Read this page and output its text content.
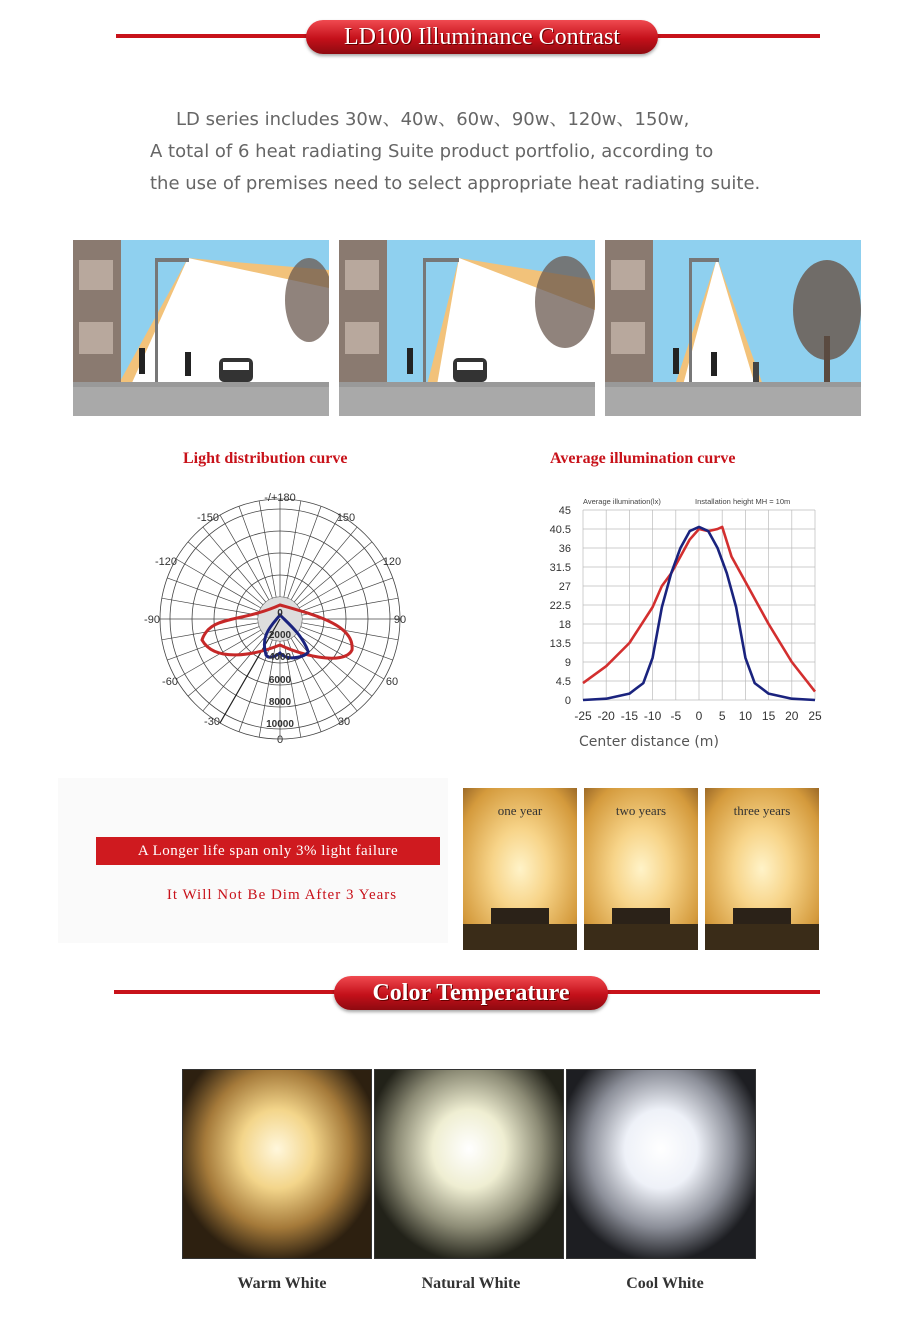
LD100 Illuminance Contrast
LD series includes 30w、40w、60w、90w、120w、150w,
A total of 6 heat radiating Suite product portfolio, according to
the use of premises need to select appropriate heat radiating suite.
Light distribution curve	Average illumination curve
-/+180
-150	150
-120	120
-90	90
-60	60
-30	30
0
0
2000
4000
6000
8000
10000
Average illumination(lx)	Installation height MH = 10m
0
4.5
9
13.5
18
22.5
27
31.5
36
40.5
45
-25 -20 -15 -10 -5 0 5 10 15 20 25
Center distance (m)
A Longer life span only 3% light failure
It Will Not Be Dim After 3 Years
one year	two years	three years
Color Temperature
Warm White	Natural White	Cool White
